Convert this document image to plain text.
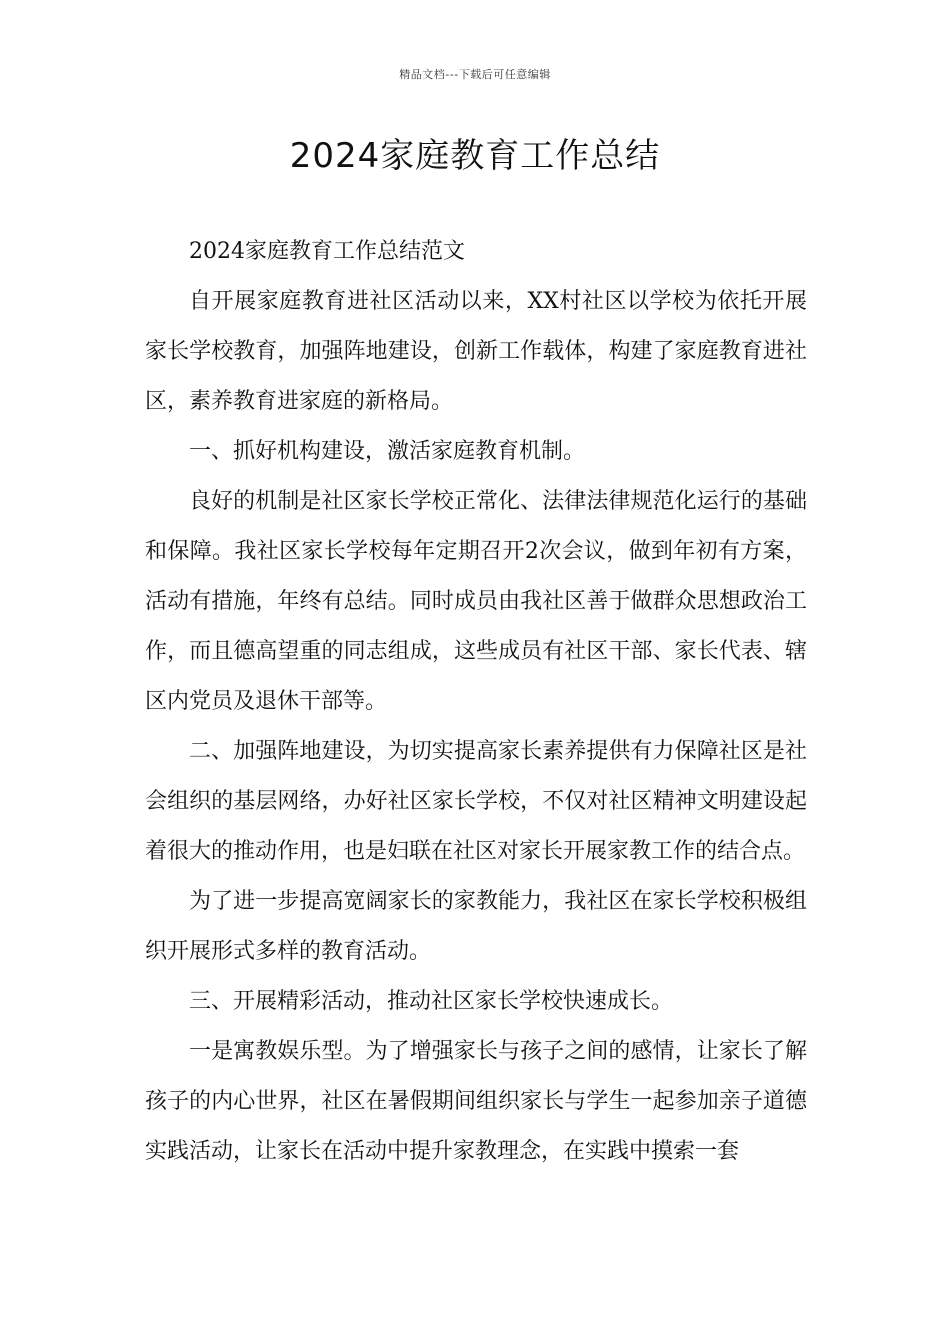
精品文档---下载后可任意编辑
2024家庭教育工作总结

2024家庭教育工作总结范文

自开展家庭教育进社区活动以来，XX村社区以学校为依托开展家长学校教育，加强阵地建设，创新工作载体，构建了家庭教育进社区，素养教育进家庭的新格局。

一、抓好机构建设，激活家庭教育机制。

良好的机制是社区家长学校正常化、法律法律规范化运行的基础和保障。我社区家长学校每年定期召开2次会议，做到年初有方案，活动有措施，年终有总结。同时成员由我社区善于做群众思想政治工作，而且德高望重的同志组成，这些成员有社区干部、家长代表、辖区内党员及退休干部等。

二、加强阵地建设，为切实提高家长素养提供有力保障社区是社会组织的基层网络，办好社区家长学校，不仅对社区精神文明建设起着很大的推动作用，也是妇联在社区对家长开展家教工作的结合点。

为了进一步提高宽阔家长的家教能力，我社区在家长学校积极组织开展形式多样的教育活动。

三、开展精彩活动，推动社区家长学校快速成长。

一是寓教娱乐型。为了增强家长与孩子之间的感情，让家长了解孩子的内心世界，社区在暑假期间组织家长与学生一起参加亲子道德实践活动，让家长在活动中提升家教理念，在实践中摸索一套
